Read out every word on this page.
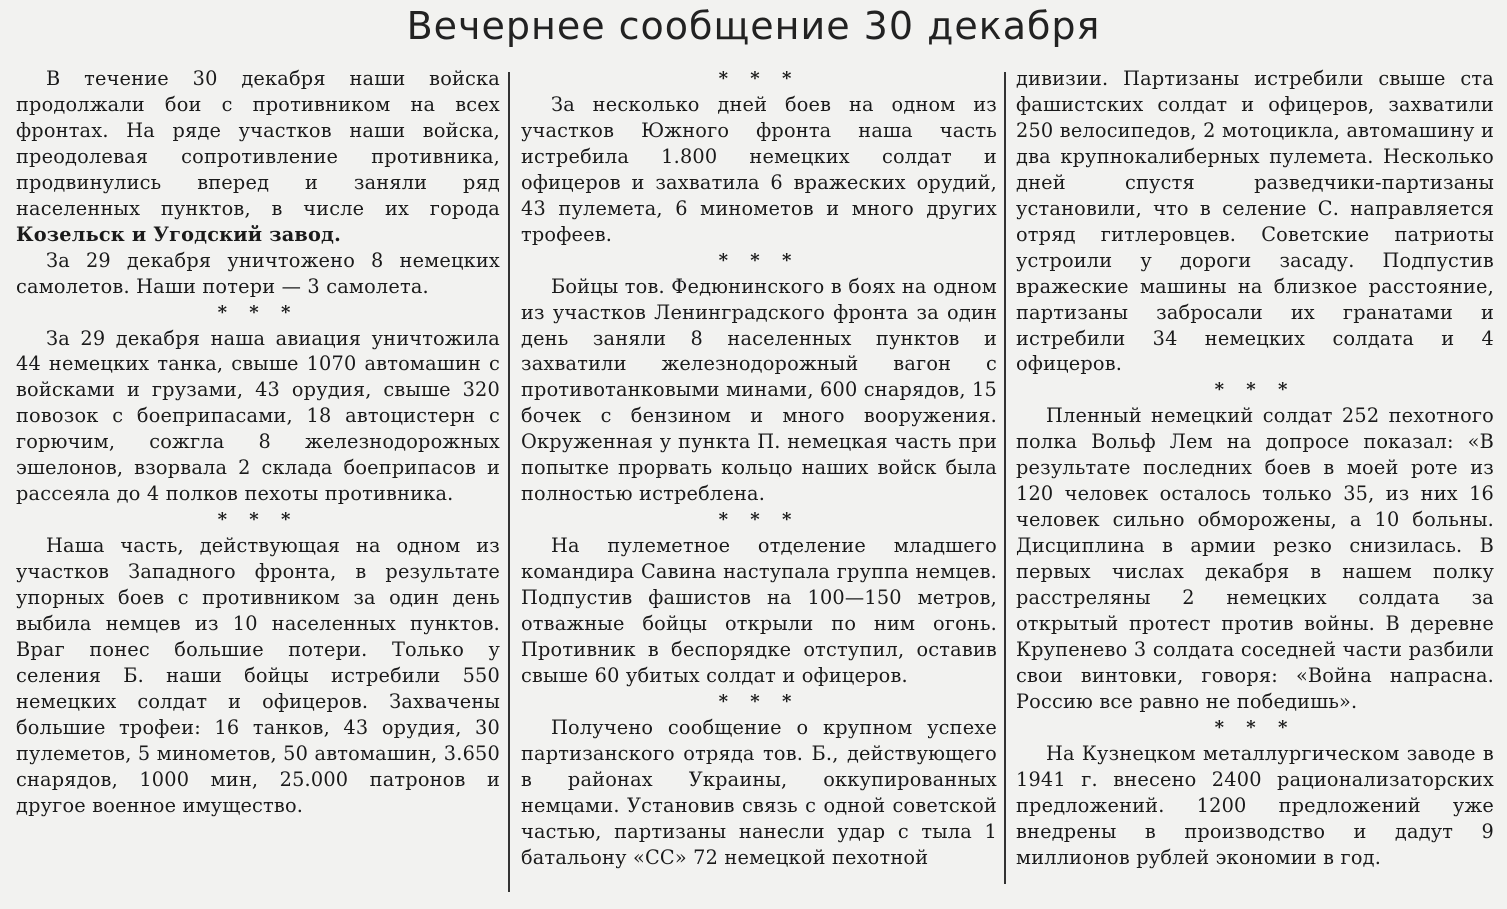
Вечернее сообщение 30 декабря

В течение 30 декабря наши войска продолжали бои с противником на всех фронтах. На ряде участков наши войска, преодолевая сопротивление противника, продвинулись вперед и заняли ряд населенных пунктов, в числе их города Козельск и Угодский завод.

За 29 декабря уничтожено 8 немецких самолетов. Наши потери — 3 самолета.

* * *

За 29 декабря наша авиация уничтожила 44 немецких танка, свыше 1070 автомашин с войсками и грузами, 43 орудия, свыше 320 повозок с боеприпасами, 18 автоцистерн с горючим, сожгла 8 железнодорожных эшелонов, взорвала 2 склада боеприпасов и рассеяла до 4 полков пехоты противника.

* * *

Наша часть, действующая на одном из участков Западного фронта, в результате упорных боев с противником за один день выбила немцев из 10 населенных пунктов. Враг понес большие потери. Только у селения Б. наши бойцы истребили 550 немецких солдат и офицеров. Захвачены большие трофеи: 16 танков, 43 орудия, 30 пулеметов, 5 минометов, 50 автомашин, 3.650 снарядов, 1000 мин, 25.000 патронов и другое военное имущество.

* * *

За несколько дней боев на одном из участков Южного фронта наша часть истребила 1.800 немецких солдат и офицеров и захватила 6 вражеских орудий, 43 пулемета, 6 минометов и много других трофеев.

* * *

Бойцы тов. Федюнинского в боях на одном из участков Ленинградского фронта за один день заняли 8 населенных пунктов и захватили железнодорожный вагон с противотанковыми минами, 600 снарядов, 15 бочек с бензином и много вооружения. Окруженная у пункта П. немецкая часть при попытке прорвать кольцо наших войск была полностью истреблена.

* * *

На пулеметное отделение младшего командира Савина наступала группа немцев. Подпустив фашистов на 100—150 метров, отважные бойцы открыли по ним огонь. Противник в беспорядке отступил, оставив свыше 60 убитых солдат и офицеров.

* * *

Получено сообщение о крупном успехе партизанского отряда тов. Б., действующего в районах Украины, оккупированных немцами. Установив связь с одной советской частью, партизаны нанесли удар с тыла 1 батальону «СС» 72 немецкой пехотной

дивизии. Партизаны истребили свыше ста фашистских солдат и офицеров, захватили 250 велосипедов, 2 мотоцикла, автомашину и два крупнокалиберных пулемета. Несколько дней спустя разведчики-партизаны установили, что в селение С. направляется отряд гитлеровцев. Советские патриоты устроили у дороги засаду. Подпустив вражеские машины на близкое расстояние, партизаны забросали их гранатами и истребили 34 немецких солдата и 4 офицеров.

* * *

Пленный немецкий солдат 252 пехотного полка Вольф Лем на допросе показал: «В результате последних боев в моей роте из 120 человек осталось только 35, из них 16 человек сильно обморожены, а 10 больны. Дисциплина в армии резко снизилась. В первых числах декабря в нашем полку расстреляны 2 немецких солдата за открытый протест против войны. В деревне Крупенево 3 солдата соседней части разбили свои винтовки, говоря: «Война напрасна. Россию все равно не победишь».

* * *

На Кузнецком металлургическом заводе в 1941 г. внесено 2400 рационализаторских предложений. 1200 предложений уже внедрены в производство и дадут 9 миллионов рублей экономии в год.
